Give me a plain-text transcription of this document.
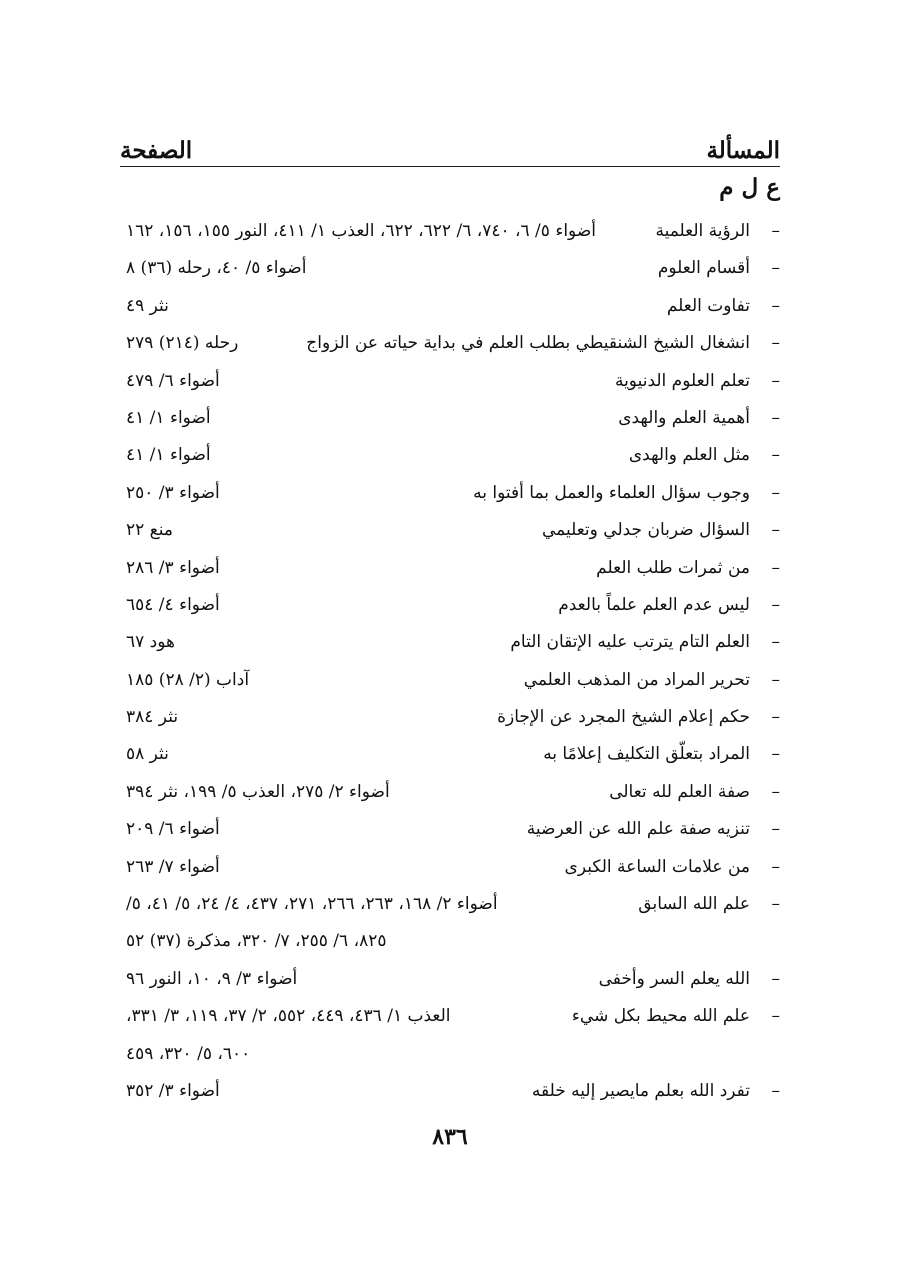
المسألة
الصفحة
ع ل م
–
الرؤية العلمية
أضواء ٥/ ٦، ٧٤٠، ٦/ ٦٢٢، ٦٢٢، العذب ١/ ٤١١، النور ١٥٥، ١٥٦، ١٦٢
–
أقسام العلوم
أضواء ٥/ ٤٠، رحله (٣٦) ٨
–
تفاوت العلم
نثر ٤٩
–
انشغال الشيخ الشنقيطي بطلب العلم في بداية حياته عن الزواج
رحله (٢١٤) ٢٧٩
–
تعلم العلوم الدنيوية
أضواء ٦/ ٤٧٩
–
أهمية العلم والهدى
أضواء ١/ ٤١
–
مثل العلم والهدى
أضواء ١/ ٤١
–
وجوب سؤال العلماء والعمل بما أفتوا به
أضواء ٣/ ٢٥٠
–
السؤال ضربان جدلي وتعليمي
منع ٢٢
–
من ثمرات طلب العلم
أضواء ٣/ ٢٨٦
–
ليس عدم العلم علماً بالعدم
أضواء ٤/ ٦٥٤
–
العلم التام يترتب عليه الإتقان التام
هود ٦٧
–
تحرير المراد من المذهب العلمي
آداب (٢/ ٢٨) ١٨٥
–
حكم إعلام الشيخ المجرد عن الإجازة
نثر ٣٨٤
–
المراد بتعلّق التكليف إعلامًا به
نثر ٥٨
–
صفة العلم لله تعالى
أضواء ٢/ ٢٧٥، العذب ٥/ ١٩٩، نثر ٣٩٤
–
تنزيه صفة علم الله عن العرضية
أضواء ٦/ ٢٠٩
–
من علامات الساعة الكبرى
أضواء ٧/ ٢٦٣
–
علم الله السابق
أضواء ٢/ ١٦٨، ٢٦٣، ٢٦٦، ٢٧١، ٤٣٧، ٤/ ٢٤، ٥/ ٤١، ٥/
٨٢٥، ٦/ ٢٥٥، ٧/ ٣٢٠، مذكرة (٣٧) ٥٢
–
الله يعلم السر وأخفى
أضواء ٣/ ٩، ١٠، النور ٩٦
–
علم الله محيط بكل شيء
العذب ١/ ٤٣٦، ٤٤٩، ٥٥٢، ٢/ ٣٧، ١١٩، ٣/ ٣٣١،
٦٠٠، ٥/ ٣٢٠، ٤٥٩
–
تفرد الله بعلم مايصير إليه خلقه
أضواء ٣/ ٣٥٢
٨٣٦
